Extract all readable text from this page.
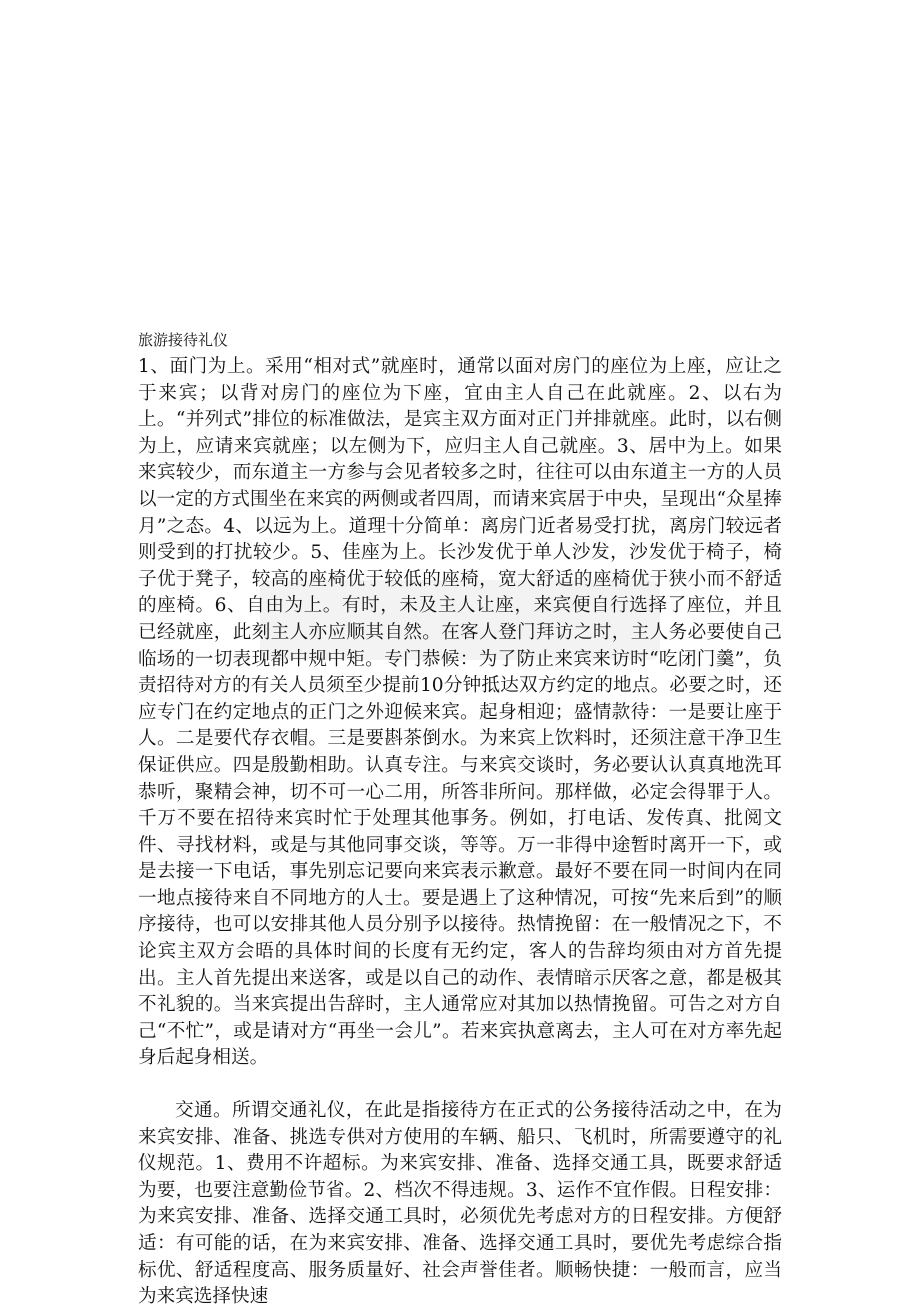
旅游接待礼仪

1、面门为上。采用“相对式”就座时，通常以面对房门的座位为上座，应让之于来宾；以背对房门的座位为下座，宜由主人自己在此就座。2、以右为上。“并列式”排位的标准做法，是宾主双方面对正门并排就座。此时，以右侧为上，应请来宾就座；以左侧为下，应归主人自己就座。3、居中为上。如果来宾较少，而东道主一方参与会见者较多之时，往往可以由东道主一方的人员以一定的方式围坐在来宾的两侧或者四周，而请来宾居于中央，呈现出“众星捧月”之态。4、以远为上。道理十分简单：离房门近者易受打扰，离房门较远者则受到的打扰较少。5、佳座为上。长沙发优于单人沙发，沙发优于椅子，椅子优于凳子，较高的座椅优于较低的座椅，宽大舒适的座椅优于狭小而不舒适的座椅。6、自由为上。有时，未及主人让座，来宾便自行选择了座位，并且已经就座，此刻主人亦应顺其自然。在客人登门拜访之时，主人务必要使自己临场的一切表现都中规中矩。专门恭候：为了防止来宾来访时“吃闭门羹”，负责招待对方的有关人员须至少提前10分钟抵达双方约定的地点。必要之时，还应专门在约定地点的正门之外迎候来宾。起身相迎；盛情款待：一是要让座于人。二是要代存衣帽。三是要斟茶倒水。为来宾上饮料时，还须注意干净卫生保证供应。四是殷勤相助。认真专注。与来宾交谈时，务必要认认真真地洗耳恭听，聚精会神，切不可一心二用，所答非所问。那样做，必定会得罪于人。千万不要在招待来宾时忙于处理其他事务。例如，打电话、发传真、批阅文件、寻找材料，或是与其他同事交谈，等等。万一非得中途暂时离开一下，或是去接一下电话，事先别忘记要向来宾表示歉意。最好不要在同一时间内在同一地点接待来自不同地方的人士。要是遇上了这种情况，可按“先来后到”的顺序接待，也可以安排其他人员分别予以接待。热情挽留：在一般情况之下，不论宾主双方会晤的具体时间的长度有无约定，客人的告辞均须由对方首先提出。主人首先提出来送客，或是以自己的动作、表情暗示厌客之意，都是极其不礼貌的。当来宾提出告辞时，主人通常应对其加以热情挽留。可告之对方自己“不忙”，或是请对方“再坐一会儿”。若来宾执意离去，主人可在对方率先起身后起身相送。

交通。所谓交通礼仪，在此是指接待方在正式的公务接待活动之中，在为来宾安排、准备、挑选专供对方使用的车辆、船只、飞机时，所需要遵守的礼仪规范。1、费用不许超标。为来宾安排、准备、选择交通工具，既要求舒适为要，也要注意勤俭节省。2、档次不得违规。3、运作不宜作假。日程安排：为来宾安排、准备、选择交通工具时，必须优先考虑对方的日程安排。方便舒适：有可能的话，在为来宾安排、准备、选择交通工具时，要优先考虑综合指标优、舒适程度高、服务质量好、社会声誉佳者。顺畅快捷：一般而言，应当为来宾选择快速
